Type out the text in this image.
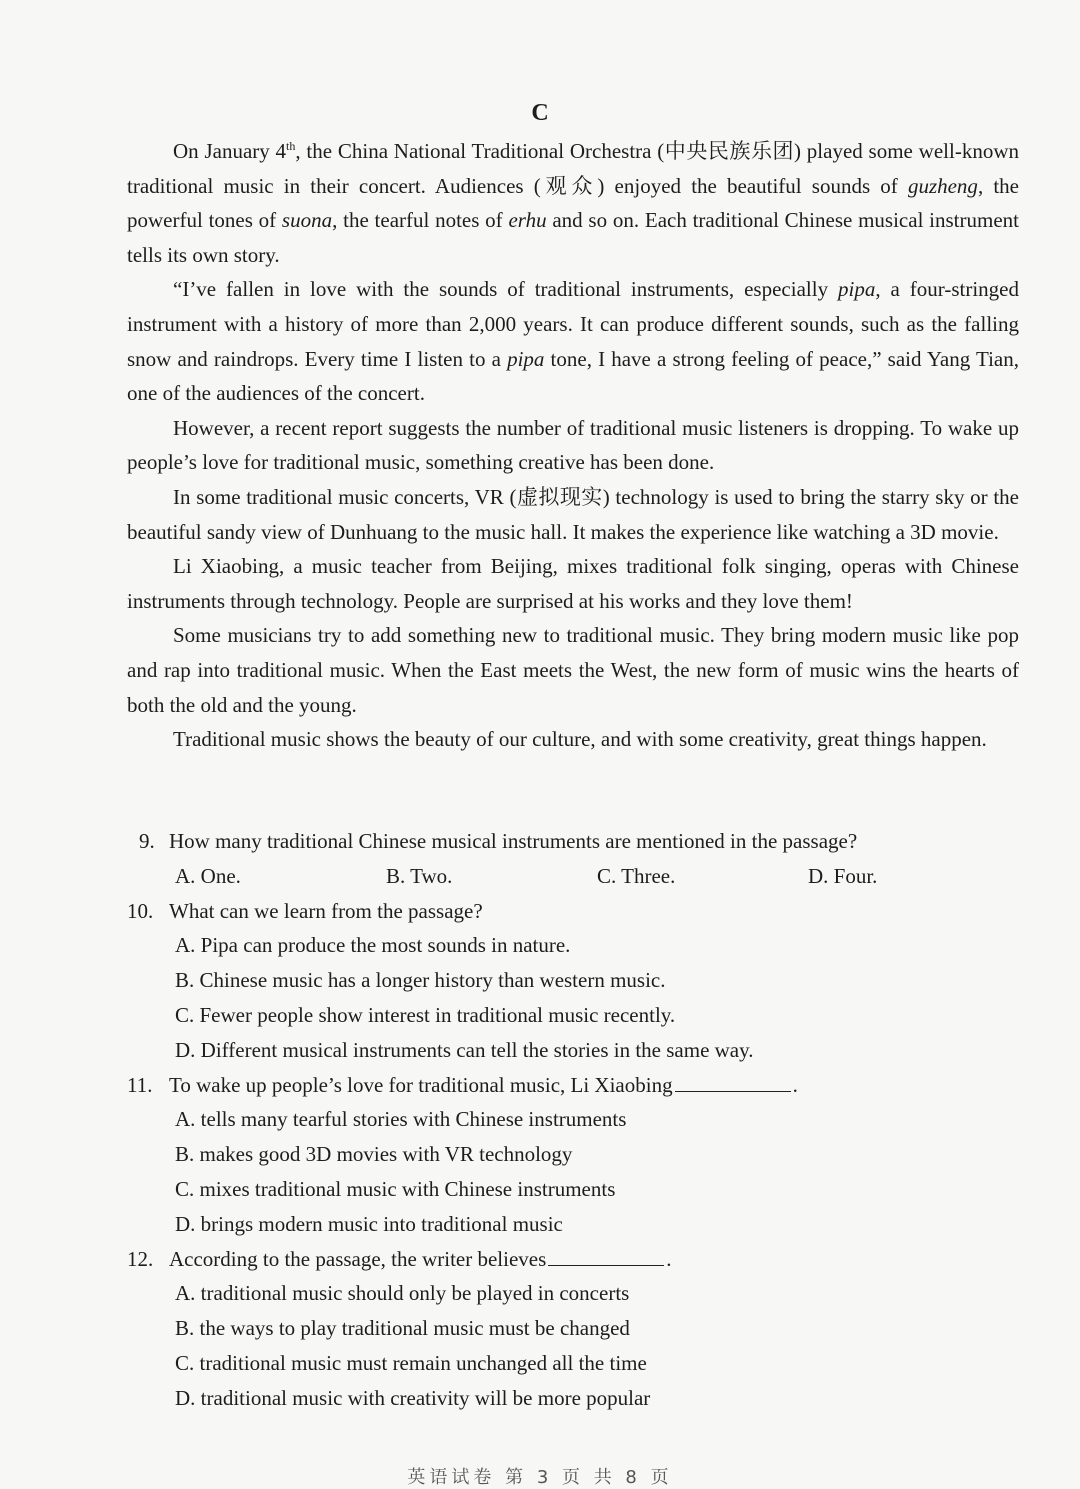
C

On January 4th, the China National Traditional Orchestra (中央民族乐团) played some well-known traditional music in their concert. Audiences (观众) enjoyed the beautiful sounds of guzheng, the powerful tones of suona, the tearful notes of erhu and so on. Each traditional Chinese musical instrument tells its own story.

“I’ve fallen in love with the sounds of traditional instruments, especially pipa, a four-stringed instrument with a history of more than 2,000 years. It can produce different sounds, such as the falling snow and raindrops. Every time I listen to a pipa tone, I have a strong feeling of peace,” said Yang Tian, one of the audiences of the concert.

However, a recent report suggests the number of traditional music listeners is dropping. To wake up people’s love for traditional music, something creative has been done.

In some traditional music concerts, VR (虚拟现实) technology is used to bring the starry sky or the beautiful sandy view of Dunhuang to the music hall. It makes the experience like watching a 3D movie.

Li Xiaobing, a music teacher from Beijing, mixes traditional folk singing, operas with Chinese instruments through technology. People are surprised at his works and they love them!

Some musicians try to add something new to traditional music. They bring modern music like pop and rap into traditional music. When the East meets the West, the new form of music wins the hearts of both the old and the young.

Traditional music shows the beauty of our culture, and with some creativity, great things happen.

9. How many traditional Chinese musical instruments are mentioned in the passage?
A. One.	B. Two.	C. Three.	D. Four.
10. What can we learn from the passage?
A. Pipa can produce the most sounds in nature.
B. Chinese music has a longer history than western music.
C. Fewer people show interest in traditional music recently.
D. Different musical instruments can tell the stories in the same way.
11. To wake up people’s love for traditional music, Li Xiaobing	.
A. tells many tearful stories with Chinese instruments
B. makes good 3D movies with VR technology
C. mixes traditional music with Chinese instruments
D. brings modern music into traditional music
12. According to the passage, the writer believes	.
A. traditional music should only be played in concerts
B. the ways to play traditional music must be changed
C. traditional music must remain unchanged all the time
D. traditional music with creativity will be more popular
英语试卷 第 3 页 共 8 页
